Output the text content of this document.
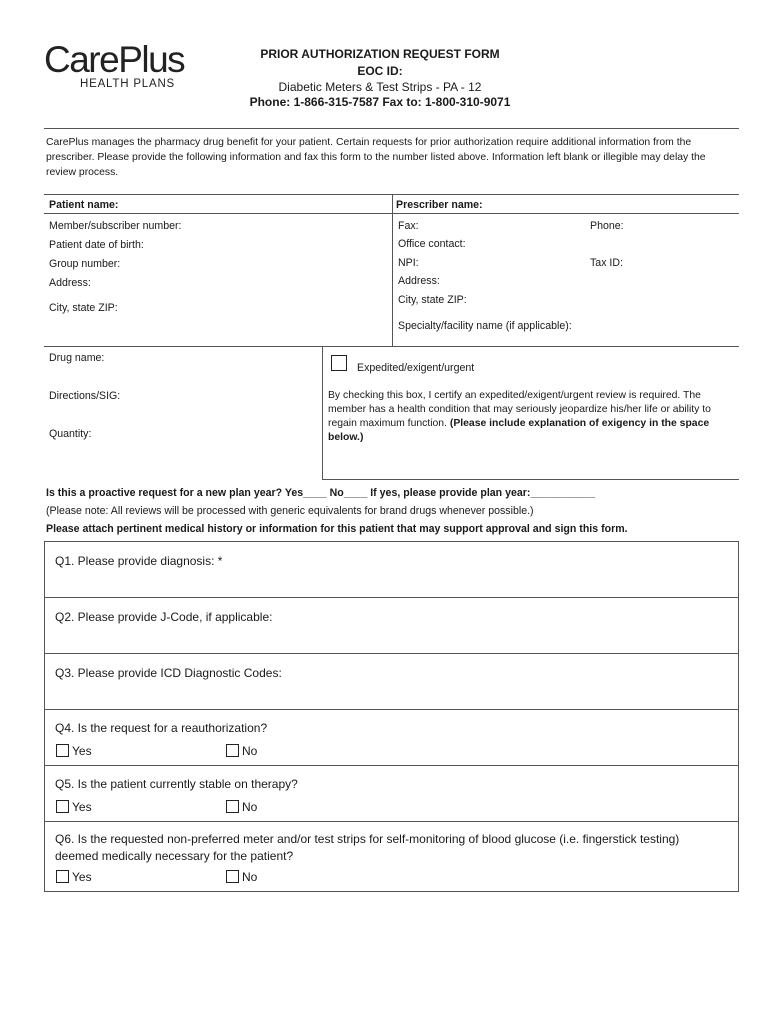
CarePlus
HEALTH PLANS
PRIOR AUTHORIZATION REQUEST FORM
EOC ID:
Diabetic Meters & Test Strips - PA - 12
Phone: 1-866-315-7587 Fax to: 1-800-310-9071
CarePlus manages the pharmacy drug benefit for your patient. Certain requests for prior authorization require additional information from the prescriber. Please provide the following information and fax this form to the number listed above. Information left blank or illegible may delay the review process.
Patient name:
Member/subscriber number:
Patient date of birth:
Group number:
Address:
City, state ZIP:
Prescriber name:
Fax:	Phone:
Office contact:
NPI:	Tax ID:
Address:
City, state ZIP:
Specialty/facility name (if applicable):
Drug name:
Directions/SIG:
Quantity:
Expedited/exigent/urgent
By checking this box, I certify an expedited/exigent/urgent review is required. The member has a health condition that may seriously jeopardize his/her life or ability to regain maximum function. (Please include explanation of exigency in the space below.)
Is this a proactive request for a new plan year? Yes____ No____ If yes, please provide plan year:___________
(Please note: All reviews will be processed with generic equivalents for brand drugs whenever possible.)
Please attach pertinent medical history or information for this patient that may support approval and sign this form.
Q1. Please provide diagnosis: *
Q2. Please provide J-Code, if applicable:
Q3. Please provide ICD Diagnostic Codes:
Q4. Is the request for a reauthorization?
Yes	No
Q5. Is the patient currently stable on therapy?
Yes	No
Q6. Is the requested non-preferred meter and/or test strips for self-monitoring of blood glucose (i.e. fingerstick testing) deemed medically necessary for the patient?
Yes	No
